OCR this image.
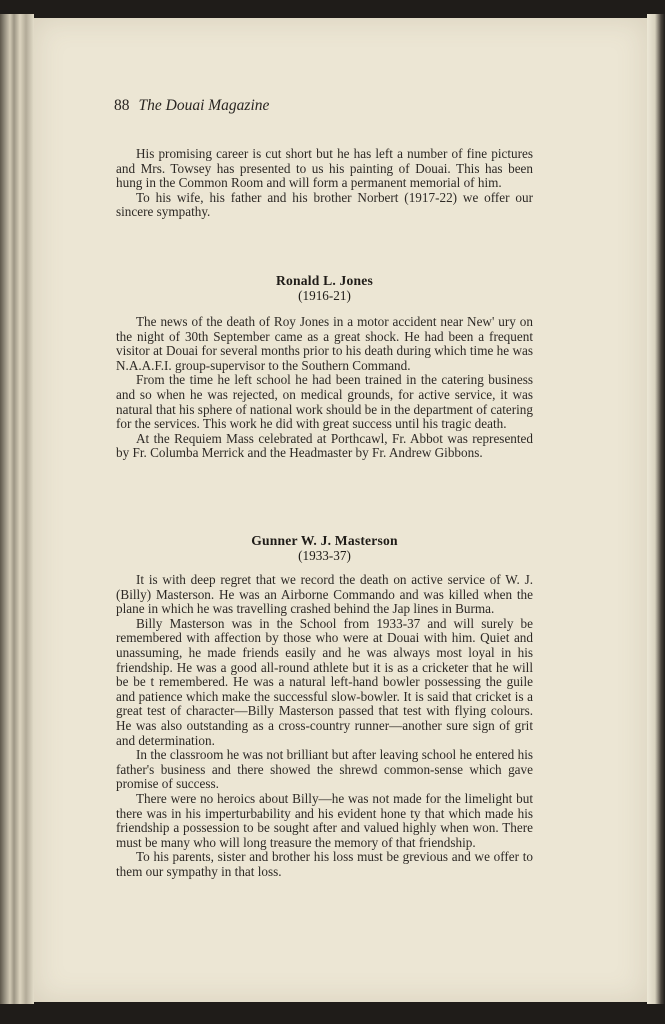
88 The Douai Magazine

His promising career is cut short but he has left a number of fine pictures and Mrs. Towsey has presented to us his painting of Douai. This has been hung in the Common Room and will form a permanent memorial of him.

To his wife, his father and his brother Norbert (1917-22) we offer our sincere sympathy.

Ronald L. Jones
(1916-21)

The news of the death of Roy Jones in a motor accident near New' ury on the night of 30th September came as a great shock. He had been a frequent visitor at Douai for several months prior to his death during which time he was N.A.A.F.I. group-supervisor to the Southern Command.

From the time he left school he had been trained in the catering business and so when he was rejected, on medical grounds, for active service, it was natural that his sphere of national work should be in the department of catering for the services. This work he did with great success until his tragic death.

At the Requiem Mass celebrated at Porthcawl, Fr. Abbot was represented by Fr. Columba Merrick and the Headmaster by Fr. Andrew Gibbons.

Gunner W. J. Masterson
(1933-37)

It is with deep regret that we record the death on active service of W. J. (Billy) Masterson. He was an Airborne Commando and was killed when the plane in which he was travelling crashed behind the Jap lines in Burma.

Billy Masterson was in the School from 1933-37 and will surely be remembered with affection by those who were at Douai with him. Quiet and unassuming, he made friends easily and he was always most loyal in his friendship. He was a good all-round athlete but it is as a cricketer that he will be be t remembered. He was a natural left-hand bowler possessing the guile and patience which make the successful slow-bowler. It is said that cricket is a great test of character—Billy Masterson passed that test with flying colours. He was also outstanding as a cross-country runner—another sure sign of grit and determination.

In the classroom he was not brilliant but after leaving school he entered his father's business and there showed the shrewd common-sense which gave promise of success.

There were no heroics about Billy—he was not made for the limelight but there was in his imperturbability and his evident hone ty that which made his friendship a possession to be sought after and valued highly when won. There must be many who will long treasure the memory of that friendship.

To his parents, sister and brother his loss must be grevious and we offer to them our sympathy in that loss.
